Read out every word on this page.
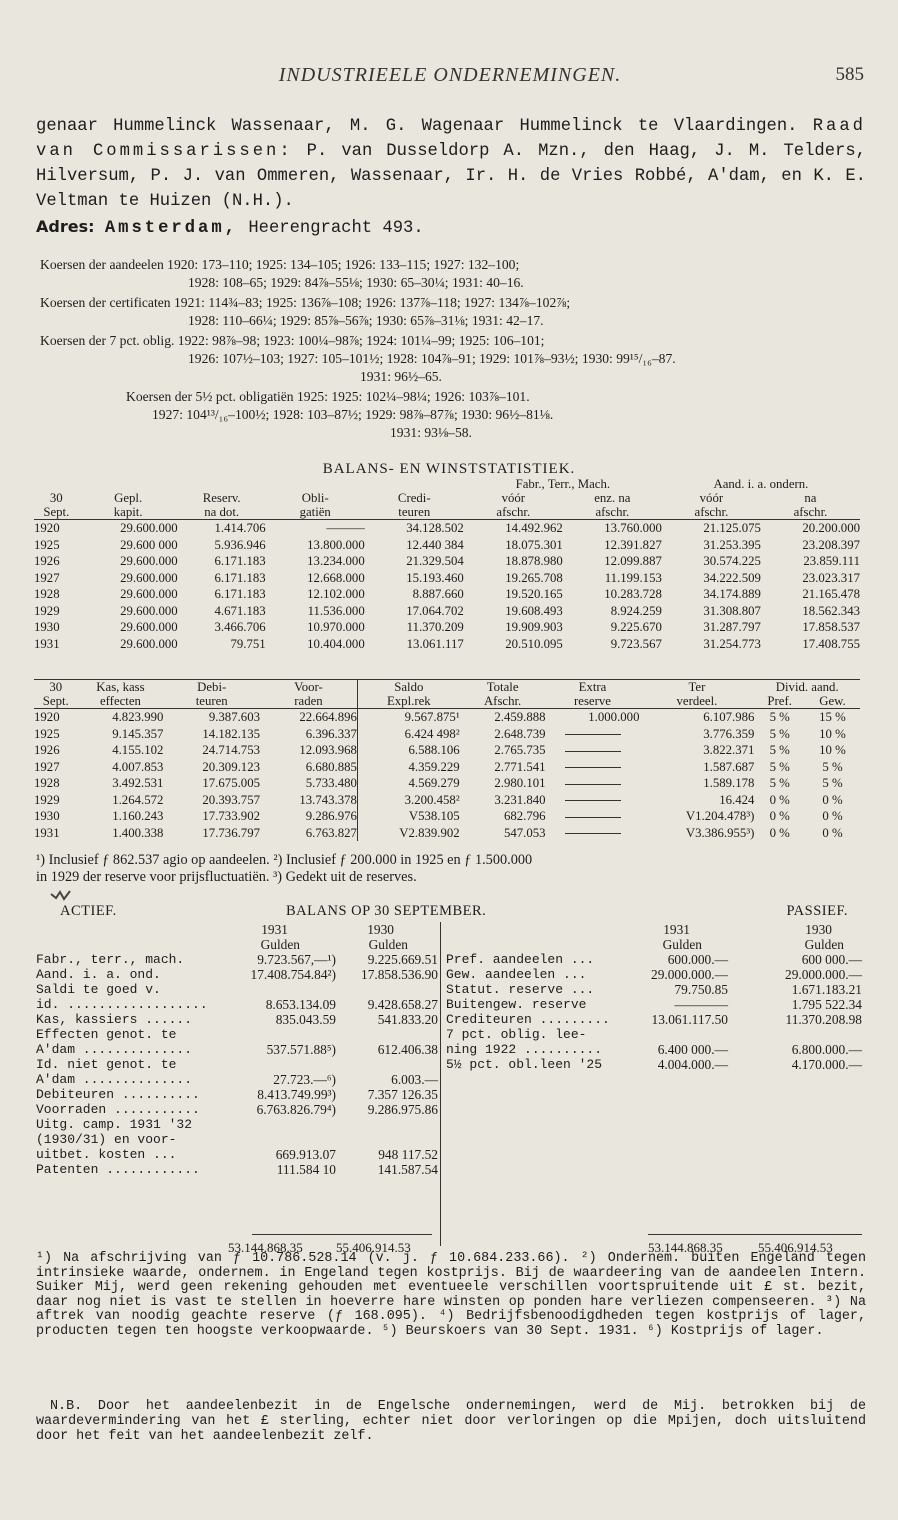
INDUSTRIEELE ONDERNEMINGEN.	585

genaar Hummelinck Wassenaar, M. G. Wagenaar Hummelinck te Vlaardingen. Raad van Commissarissen: P. van Dusseldorp A. Mzn., den Haag, J. M. Telders, Hilversum, P. J. van Ommeren, Wassenaar, Ir. H. de Vries Robbé, A'dam, en K. E. Veltman te Huizen (N.H.).

Adres: Amsterdam, Heerengracht 493.

Koersen der aandeelen 1920: 173–110; 1925: 134–105; 1926: 133–115; 1927: 132–100;
1928: 108–65; 1929: 84⅞–55⅛; 1930: 65–30¼; 1931: 40–16.
Koersen der certificaten 1921: 114¾–83; 1925: 136⅞–108; 1926: 137⅞–118; 1927: 134⅞–102⅞;
1928: 110–66¼; 1929: 85⅞–56⅞; 1930: 65⅞–31⅛; 1931: 42–17.
Koersen der 7 pct. oblig. 1922: 98⅞–98; 1923: 100¼–98⅞; 1924: 101¼–99; 1925: 106–101;
1926: 107½–103; 1927: 105–101½; 1928: 104⅞–91; 1929: 101⅞–93½; 1930: 99¹⁵/₁₆–87.
1931: 96½–65.
Koersen der 5½ pct. obligatiën 1925: 1925: 102¼–98¼; 1926: 103⅞–101.
1927: 104¹³/₁₆–100½; 1928: 103–87½; 1929: 98⅞–87⅞; 1930: 96½–81⅛.
1931: 93⅛–58.
BALANS- EN WINSTSTATISTIEK.
					Fabr., Terr., Mach.		Aand. i. a. ondern.	
30	Gepl.	Reserv.	Obli-	Credi-	vóór	enz. na	vóór	na
Sept.	kapit.	na dot.	gatiën	teuren	afschr.	afschr.	afschr.	afschr.
1920	29.600.000	1.414.706	———	34.128.502	14.492.962	13.760.000	21.125.075	20.200.000
1925	29.600 000	5.936.946	13.800.000	12.440 384	18.075.301	12.391.827	31.253.395	23.208.397
1926	29.600.000	6.171.183	13.234.000	21.329.504	18.878.980	12.099.887	30.574.225	23.859.111
1927	29.600.000	6.171.183	12.668.000	15.193.460	19.265.708	11.199.153	34.222.509	23.023.317
1928	29.600.000	6.171.183	12.102.000	8.887.660	19.520.165	10.283.728	34.174.889	21.165.478
1929	29.600.000	4.671.183	11.536.000	17.064.702	19.608.493	8.924.259	31.308.807	18.562.343
1930	29.600.000	3.466.706	10.970.000	11.370.209	19.909.903	9.225.670	31.287.797	17.858.537
1931	29.600.000	79.751	10.404.000	13.061.117	20.510.095	9.723.567	31.254.773	17.408.755
30	Kas, kass	Debi-	Voor-	Saldo	Totale	Extra	Ter	Divid. aand.	
Sept.	effecten	teuren	raden	Expl.rek	Afschr.	reserve	verdeel.	Pref.	Gew.
1920	4.823.990	9.387.603	22.664.896	9.567.875¹	2.459.888	1.000.000	6.107.986	5 %	15 %
1925	9.145.357	14.182.135	6.396.337	6.424 498²	2.648.739		3.776.359	5 %	10 %
1926	4.155.102	24.714.753	12.093.968	6.588.106	2.765.735		3.822.371	5 %	10 %
1927	4.007.853	20.309.123	6.680.885	4.359.229	2.771.541		1.587.687	5 %	5 %
1928	3.492.531	17.675.005	5.733.480	4.569.279	2.980.101		1.589.178	5 %	5 %
1929	1.264.572	20.393.757	13.743.378	3.200.458²	3.231.840		16.424	0 %	0 %
1930	1.160.243	17.733.902	9.286.976	V538.105	682.796		V1.204.478³)	0 %	0 %
1931	1.400.338	17.736.797	6.763.827	V2.839.902	547.053		V3.386.955³)	0 %	0 %

¹) Inclusief ƒ 862.537 agio op aandeelen. ²) Inclusief ƒ 200.000 in 1925 en ƒ 1.500.000

in 1929 der reserve voor prijsfluctuatiën. ³) Gedekt uit de reserves.

ACTIEF.	BALANS OP 30 SEPTEMBER.	PASSIEF.
1931	1930
Gulden	Gulden
Fabr., terr., mach.	9.723.567,—¹) 9.225.669.51
Aand. i. a. ond.	17.408.754.84²) 17.858.536.90
Saldi te goed v.
id. ..................	8.653.134.09 9.428.658.27
Kas, kassiers ......	835.043.59	541.833.20
Effecten genot. te
A'dam ..............	537.571.88⁵)	612.406.38
Id. niet genot. te
A'dam ..............	27.723.—⁶)	6.003.—
Debiteuren ..........	8.413.749.99³) 7.357 126.35
Voorraden ...........	6.763.826.79⁴) 9.286.975.86
Uitg. camp. 1931 '32
(1930/31) en voor-
uitbet. kosten ...	669.913.07	948 117.52
Patenten ............	111.584 10	141.587.54
1931	1930
Gulden	Gulden
Pref. aandeelen ...	600.000.—	600 000.—
Gew. aandeelen ...	29.000.000.—	29.000.000.—
Statut. reserve ...	79.750.85	1.671.183.21
Buitengew. reserve	————	1.795 522.34
Crediteuren .........	13.061.117.50	11.370.208.98
7 pct. oblig. lee-
ning 1922 ..........	6.400 000.—	6.800.000.—
5½ pct. obl.leen '25	4.004.000.—	4.170.000.—
53.144.868.35	55.406.914.53	53.144.868.35	55.406.914.53

¹) Na afschrijving van ƒ 10.786.528.14 (v. j. ƒ 10.684.233.66). ²) Ondernem. buiten Engeland tegen intrinsieke waarde, ondernem. in Engeland tegen kostprijs. Bij de waardeering van de aandeelen Intern. Suiker Mij, werd geen rekening gehouden met eventueele verschillen voortspruitende uit £ st. bezit, daar nog niet is vast te stellen in hoeverre hare winsten op ponden hare verliezen compenseeren. ³) Na aftrek van noodig geachte reserve (ƒ 168.095). ⁴) Bedrijfsbenoodigdheden tegen kostprijs of lager, producten tegen ten hoogste verkoopwaarde. ⁵) Beurskoers van 30 Sept. 1931. ⁶) Kostprijs of lager.

N.B. Door het aandeelenbezit in de Engelsche ondernemingen, werd de Mij. betrokken bij de waardevermindering van het £ sterling, echter niet door verloringen op die Mpijen, doch uitsluitend door het feit van het aandeelenbezit zelf.
